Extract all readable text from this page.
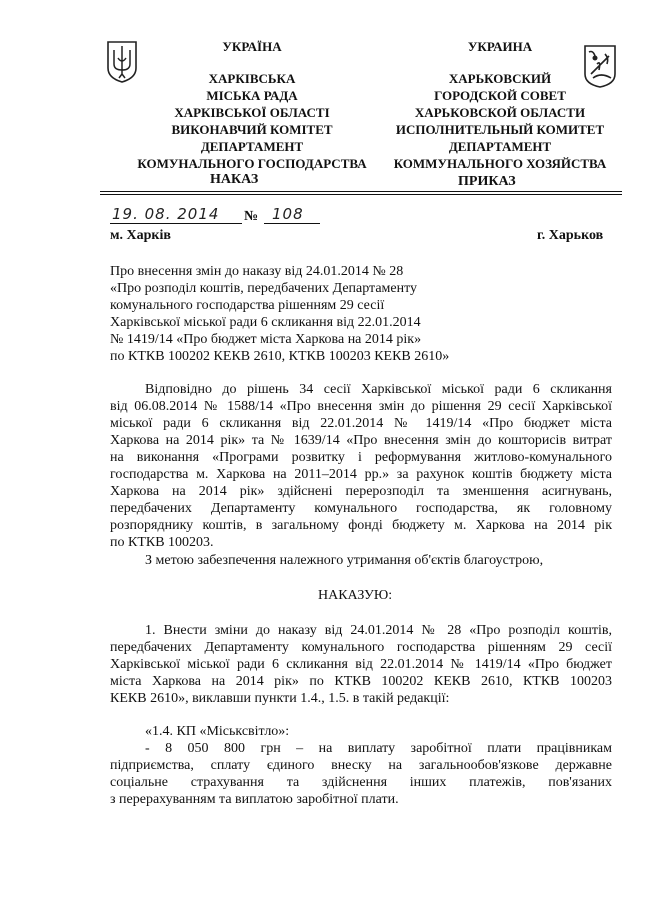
УКРАЇНА
ХАРКІВСЬКА
МІСЬКА РАДА
ХАРКІВСЬКОЇ ОБЛАСТІ
ВИКОНАВЧИЙ КОМІТЕТ
ДЕПАРТАМЕНТ
КОМУНАЛЬНОГО ГОСПОДАРСТВА
УКРАИНА
ХАРЬКОВСКИЙ
ГОРОДСКОЙ СОВЕТ
ХАРЬКОВСКОЙ ОБЛАСТИ
ИСПОЛНИТЕЛЬНЫЙ КОМИТЕТ
ДЕПАРТАМЕНТ
КОММУНАЛЬНОГО ХОЗЯЙСТВА
НАКАЗ	ПРИКАЗ
19. 08. 2014 № 108
м. Харків	г. Харьков
Про внесення змін до наказу від 24.01.2014 № 28
«Про розподіл коштів, передбачених Департаменту
комунального господарства рішенням 29 сесії
Харківської міської ради 6 скликання від 22.01.2014
№ 1419/14 «Про бюджет міста Харкова на 2014 рік»
по КТКВ 100202 КЕКВ 2610, КТКВ 100203 КЕКВ 2610»
Відповідно до рішень 34 сесії Харківської міської ради 6 скликання
від 06.08.2014 № 1588/14 «Про внесення змін до рішення 29 сесії Харківської
міської ради 6 скликання від 22.01.2014 № 1419/14 «Про бюджет міста
Харкова на 2014 рік» та № 1639/14 «Про внесення змін до кошторисів витрат
на виконання «Програми розвитку і реформування житлово-комунального
господарства м. Харкова на 2011–2014 рр.» за рахунок коштів бюджету міста
Харкова на 2014 рік» здійснені перерозподіл та зменшення асигнувань,
передбачених Департаменту комунального господарства, як головному
розпоряднику коштів, в загальному фонді бюджету м. Харкова на 2014 рік
по КТКВ 100203.
З метою забезпечення належного утримання об'єктів благоустрою,
НАКАЗУЮ:
1. Внести зміни до наказу від 24.01.2014 № 28 «Про розподіл коштів,
передбачених Департаменту комунального господарства рішенням 29 сесії
Харківської міської ради 6 скликання від 22.01.2014 № 1419/14 «Про бюджет
міста Харкова на 2014 рік» по КТКВ 100202 КЕКВ 2610, КТКВ 100203
КЕКВ 2610», виклавши пункти 1.4., 1.5. в такій редакції:
«1.4. КП «Міськсвітло»:
- 8 050 800 грн – на виплату заробітної плати працівникам
підприємства, сплату єдиного внеску на загальнообов'язкове державне
соціальне страхування та здійснення інших платежів, пов'язаних
з перерахуванням та виплатою заробітної плати.
